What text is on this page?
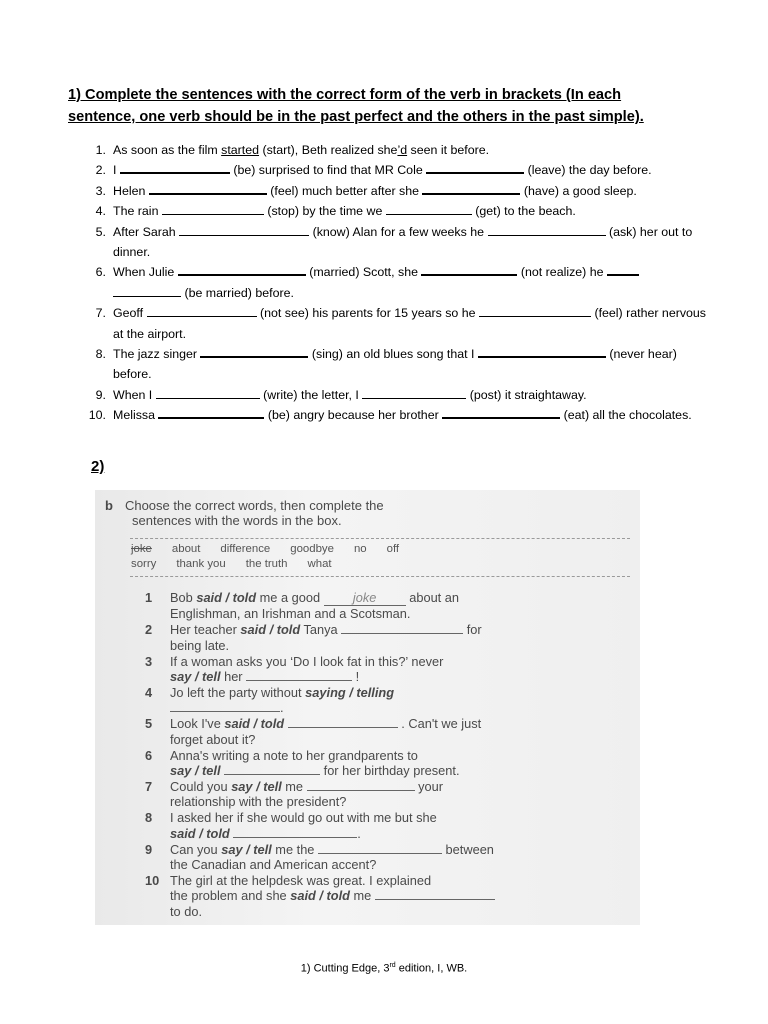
1) Complete the sentences with the correct form of the verb in brackets (In each
sentence, one verb should be in the past perfect and the others in the past simple).
1. As soon as the film started (start), Beth realized she’d seen it before.
2. I	(be) surprised to find that MR Cole	(leave) the day before.
3. Helen	(feel) much better after she	(have) a good sleep.
4. The rain	(stop) by the time we	(get) to the beach.
5. After Sarah	(know) Alan for a few weeks he	(ask) her out to dinner.
6. When Julie	(married) Scott, she	(not realize) he
(be married) before.
7. Geoff	(not see) his parents for 15 years so he	(feel) rather nervous at the airport.
8. The jazz singer	(sing) an old blues song that I	(never hear) before.
9. When I	(write) the letter, I	(post) it straightaway.
10. Melissa	(be) angry because her brother	(eat) all the chocolates.
2)
b Choose the correct words, then complete the
sentences with the words in the box.
joke about difference goodbye no off
sorry thank you the truth what
1 Bob said / told me a good joke about an
Englishman, an Irishman and a Scotsman.
2 Her teacher said / told Tanya	for
being late.
3 If a woman asks you ‘Do I look fat in this?’ never
say / tell her	!
4 Jo left the party without saying / telling
.
5 Look I've said / told	. Can't we just
forget about it?
6 Anna's writing a note to her grandparents to
say / tell	for her birthday present.
7 Could you say / tell me	your
relationship with the president?
8 I asked her if she would go out with me but she
said / told	.
9 Can you say / tell me the	between
the Canadian and American accent?
10 The girl at the helpdesk was great. I explained
the problem and she said / told me
to do.
1) Cutting Edge, 3rd edition, I, WB.
